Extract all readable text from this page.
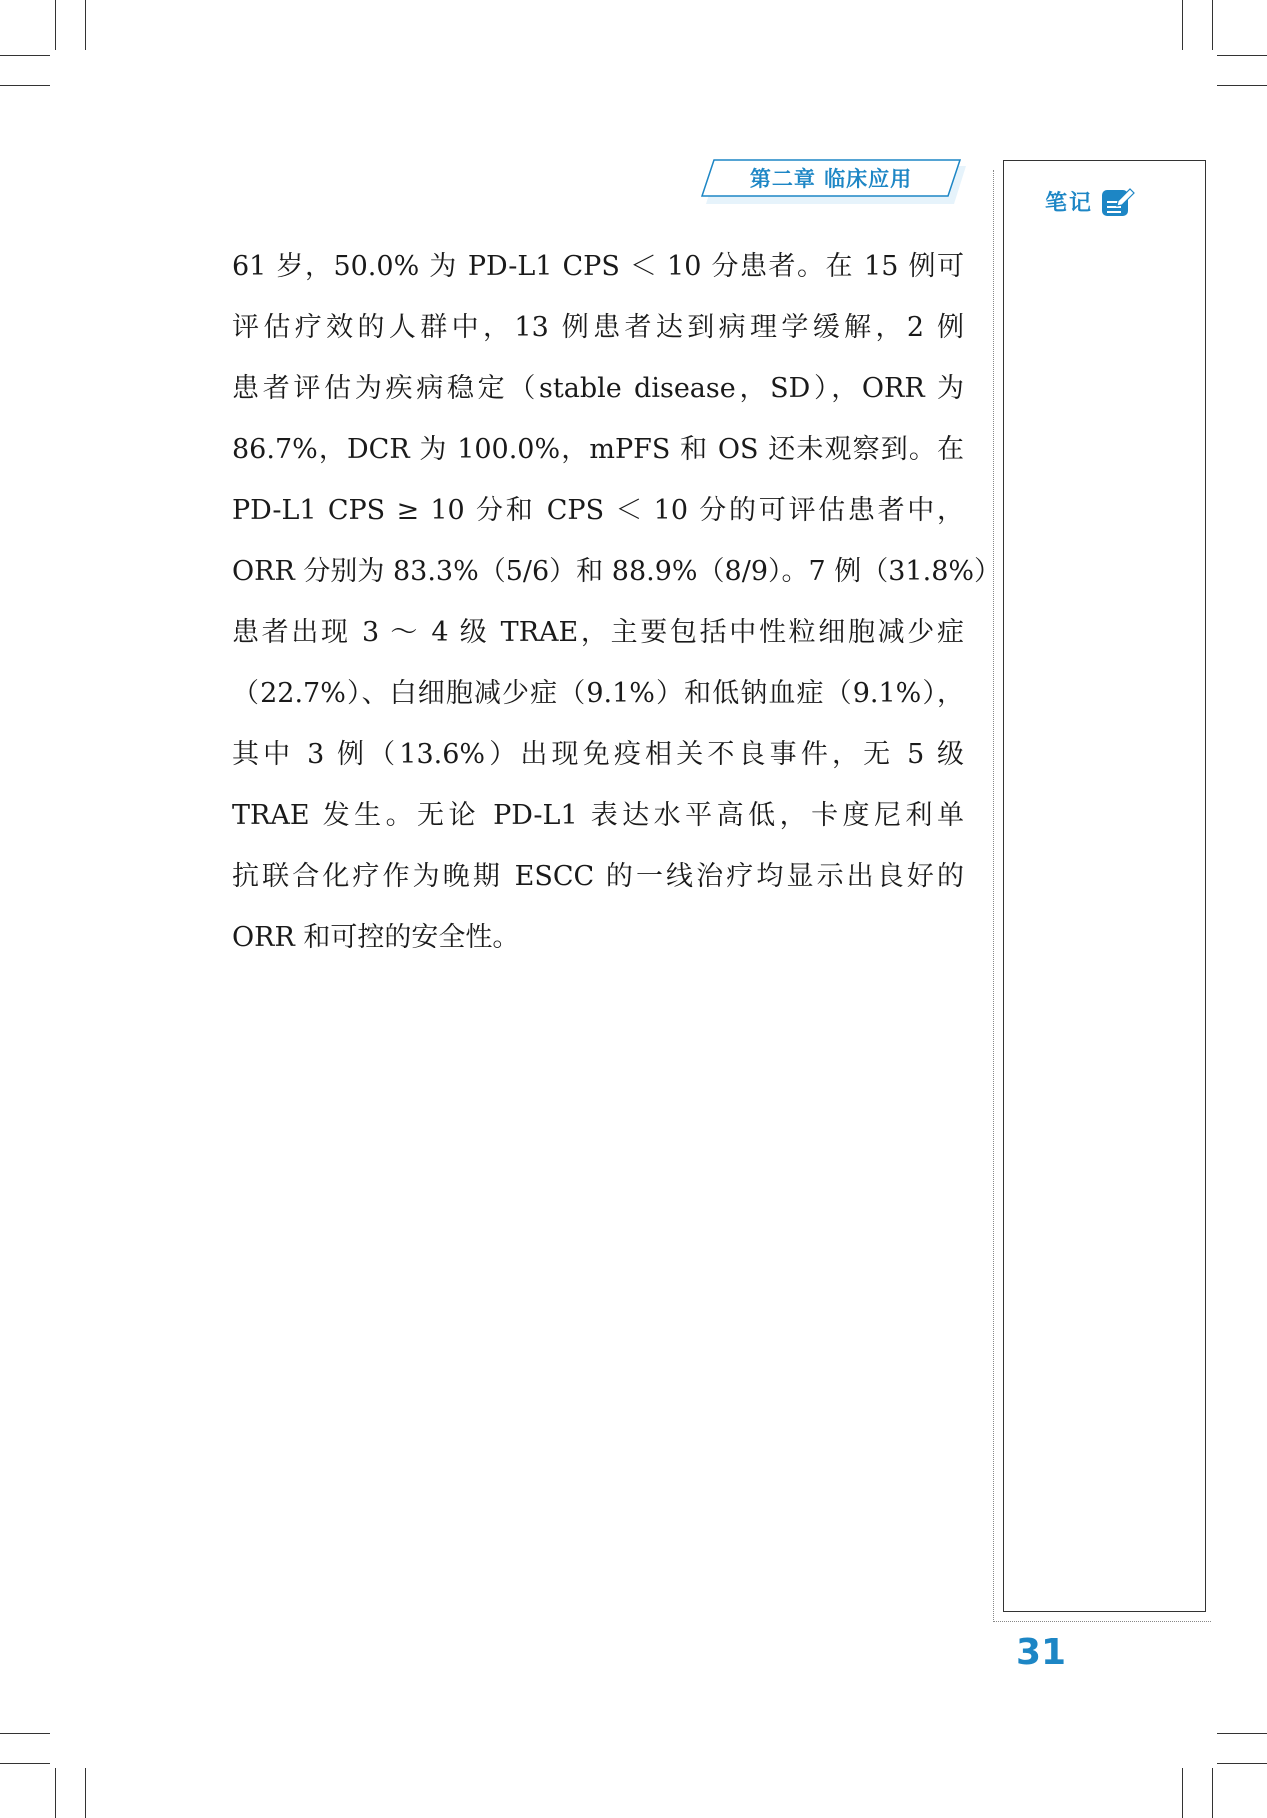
第二章 临床应用
笔记
61 岁，50.0% 为 PD-L1 CPS ＜ 10 分患者。在 15 例可
评估疗效的人群中，13 例患者达到病理学缓解，2 例
患者评估为疾病稳定（stable disease，SD），ORR 为
86.7%，DCR 为 100.0%，mPFS 和 OS 还未观察到。在
PD-L1 CPS ≥ 10 分和 CPS ＜ 10 分的可评估患者中，
ORR 分别为 83.3%（5/6）和 88.9%（8/9）。7 例（31.8%）
患者出现 3 ～ 4 级 TRAE，主要包括中性粒细胞减少症
（22.7%）、白细胞减少症（9.1%）和低钠血症（9.1%），
其中 3 例（13.6%）出现免疫相关不良事件，无 5 级
TRAE 发生。无论 PD-L1 表达水平高低，卡度尼利单
抗联合化疗作为晚期 ESCC 的一线治疗均显示出良好的
ORR 和可控的安全性。
31
